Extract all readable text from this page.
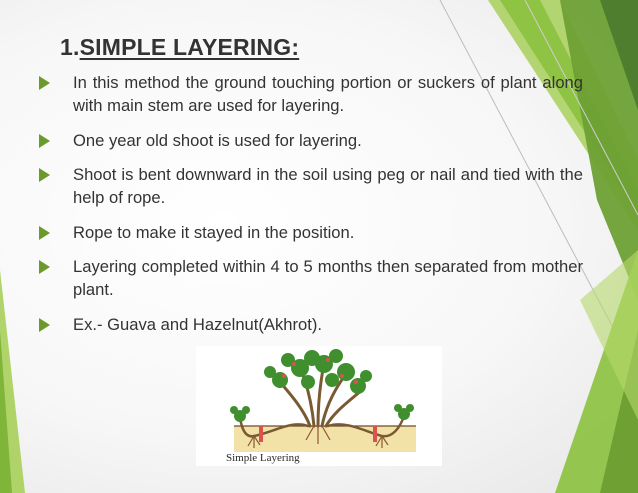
1.SIMPLE LAYERING:
In this method the ground touching portion or suckers of plant along with main stem are used for layering.
One year old shoot is used for layering.
Shoot is bent downward in the soil using peg or nail and tied with the help of rope.
Rope to make it stayed in the position.
Layering completed within 4 to 5 months then separated from mother plant.
Ex.- Guava and Hazelnut(Akhrot).
Simple Layering
